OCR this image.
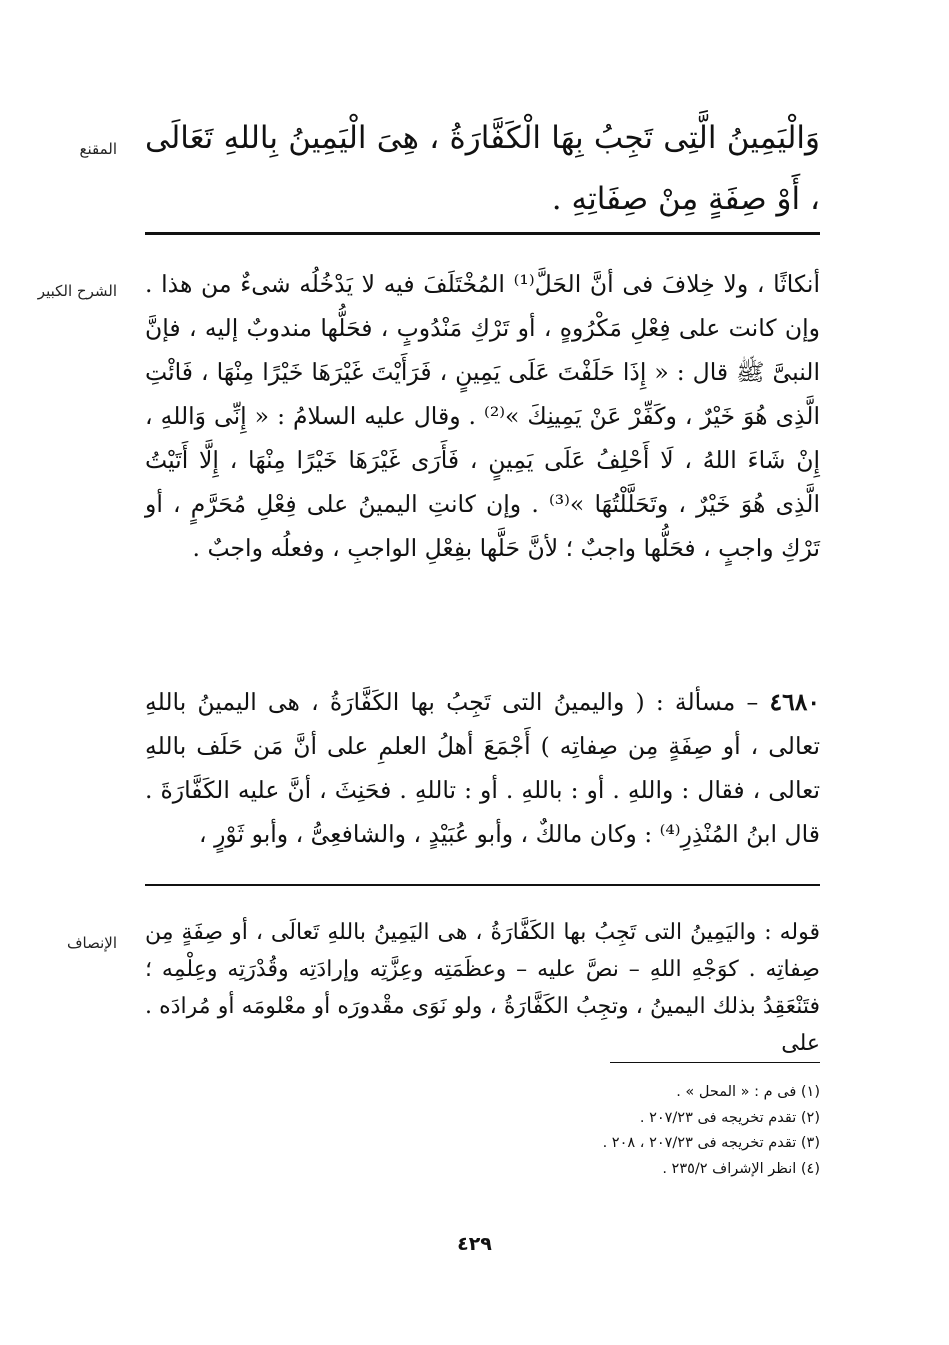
المقنع وَالْيَمِينُ الَّتِى تَجِبُ بِهَا الْكَفَّارَةُ ، هِىَ الْيَمِينُ بِاللهِ تَعَالَى ، أَوْ صِفَةٍ مِنْ صِفَاتِهِ .
الشرح الكبير أنكاثًا ، ولا خِلافَ فى أنَّ الحَلَّ⁽¹⁾ المُخْتَلَفَ فيه لا يَدْخُلُه شىءٌ من هذا . وإن كانت على فِعْلِ مَكْرُوهٍ ، أو تَرْكِ مَنْدُوبٍ ، فحَلُّها مندوبٌ إليه ، فإنَّ النبىَّ ﷺ قال : « إِذَا حَلَفْتَ عَلَى يَمِينٍ ، فَرَأَيْتَ غَيْرَهَا خَيْرًا مِنْهَا ، فَائْتِ الَّذِى هُوَ خَيْرٌ ، وكَفِّرْ عَنْ يَمِينِكَ »⁽²⁾ . وقال عليه السلامُ : « إِنِّى وَاللهِ ، إِنْ شَاءَ اللهُ ، لَا أَحْلِفُ عَلَى يَمِينٍ ، فَأَرَى غَيْرَهَا خَيْرًا مِنْهَا ، إِلَّا أَتَيْتُ الَّذِى هُوَ خَيْرٌ ، وتَحَلَّلْتُهَا »⁽³⁾ . وإن كانتِ اليمينُ على فِعْلِ مُحَرَّمٍ ، أو تَرْكِ واجبٍ ، فحَلُّها واجبٌ ؛ لأنَّ حَلَّها بفِعْلِ الواجبِ ، وفعلُه واجبٌ .
٤٦٨٠ – مسألة : ( واليمينُ التى تَجِبُ بها الكَفَّارَةُ ، هى اليمينُ باللهِ تعالى ، أو صِفَةٍ مِن صِفاتِه ) أَجْمَعَ أهلُ العلمِ على أنَّ مَن حَلَف باللهِ تعالى ، فقال : واللهِ . أو : باللهِ . أو : تاللهِ . فحَنِثَ ، أنَّ عليه الكَفَّارَةَ . قال ابنُ المُنْذِرِ⁽⁴⁾ : وكان مالكٌ ، وأبو عُبَيْدٍ ، والشافعِىُّ ، وأبو ثَوْرٍ ،
الإنصاف قوله : واليَمِينُ التى تَجِبُ بها الكَفَّارَةُ ، هى اليَمِينُ باللهِ تَعالَى ، أو صِفَةٍ مِن صِفاتِه . كوَجْهِ اللهِ – نصَّ عليه – وعظَمَتِه وعِزَّتِه وإرادَتِه وقُدْرَتِه وعِلْمِه ؛ فتَنْعَقِدُ بذلك اليمينُ ، وتجِبُ الكَفَّارَةُ ، ولو نَوَى مقْدورَه أو معْلومَه أو مُرادَه . على

(١) فى م : « المحل » .

(٢) تقدم تخريجه فى ٢٠٧/٢٣ .

(٣) تقدم تخريجه فى ٢٠٧/٢٣ ، ٢٠٨ .

(٤) انظر الإشراف ٢٣٥/٢ .

٤٢٩
